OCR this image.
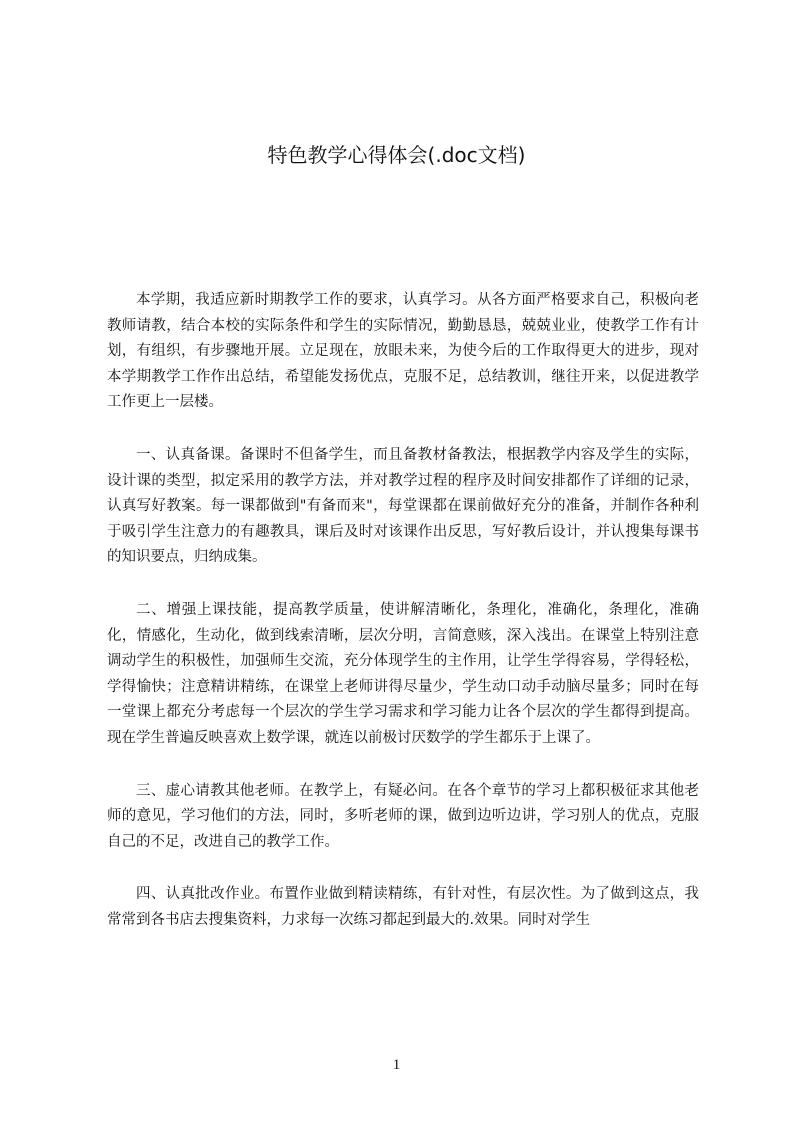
特色教学心得体会(.doc文档)

本学期，我适应新时期教学工作的要求，认真学习。从各方面严格要求自己，积极向老教师请教，结合本校的实际条件和学生的实际情况，勤勤恳恳，兢兢业业，使教学工作有计划，有组织，有步骤地开展。立足现在，放眼未来，为使今后的工作取得更大的进步，现对本学期教学工作作出总结，希望能发扬优点，克服不足，总结教训，继往开来，以促进教学工作更上一层楼。

一、认真备课。备课时不但备学生，而且备教材备教法，根据教学内容及学生的实际，设计课的类型，拟定采用的教学方法，并对教学过程的程序及时间安排都作了详细的记录，认真写好教案。每一课都做到"有备而来"，每堂课都在课前做好充分的准备，并制作各种利于吸引学生注意力的有趣教具，课后及时对该课作出反思，写好教后设计，并认搜集每课书的知识要点，归纳成集。

二、增强上课技能，提高教学质量，使讲解清晰化，条理化，准确化，条理化，准确化，情感化，生动化，做到线索清晰，层次分明，言简意赅，深入浅出。在课堂上特别注意调动学生的积极性，加强师生交流，充分体现学生的主作用，让学生学得容易，学得轻松，学得愉快；注意精讲精练，在课堂上老师讲得尽量少，学生动口动手动脑尽量多；同时在每一堂课上都充分考虑每一个层次的学生学习需求和学习能力让各个层次的学生都得到提高。现在学生普遍反映喜欢上数学课，就连以前极讨厌数学的学生都乐于上课了。

三、虚心请教其他老师。在教学上，有疑必问。在各个章节的学习上都积极征求其他老师的意见，学习他们的方法，同时，多听老师的课，做到边听边讲，学习别人的优点，克服自己的不足，改进自己的教学工作。

四、认真批改作业。布置作业做到精读精练，有针对性，有层次性。为了做到这点，我常常到各书店去搜集资料，力求每一次练习都起到最大的.效果。同时对学生

1
